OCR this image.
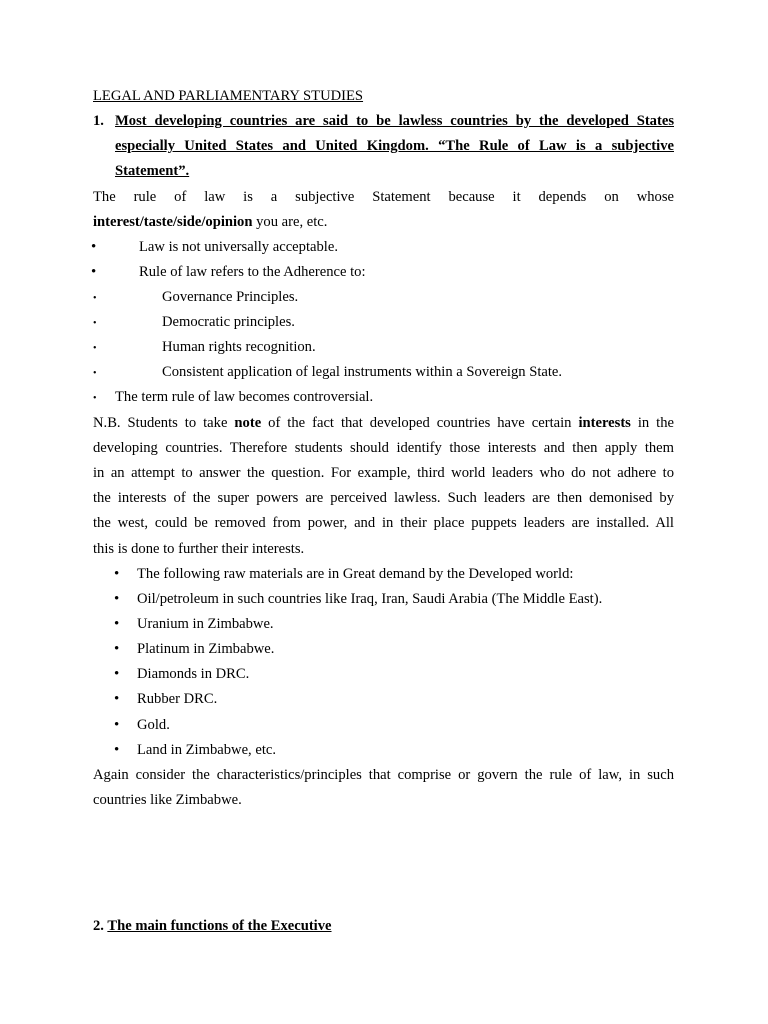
LEGAL AND PARLIAMENTARY STUDIES
1. Most developing countries are said to be lawless countries by the developed States
especially United States and United Kingdom. “The Rule of Law is a subjective
Statement”.
The rule of law is a subjective Statement because it depends on whose
interest/taste/side/opinion you are, etc.
•	Law is not universally acceptable.
•	Rule of law refers to the Adherence to:
•	Governance Principles.
•	Democratic principles.
•	Human rights recognition.
•	Consistent application of legal instruments within a Sovereign State.
• The term rule of law becomes controversial.
N.B. Students to take note of the fact that developed countries have certain interests in the
developing countries. Therefore students should identify those interests and then apply them
in an attempt to answer the question. For example, third world leaders who do not adhere to
the interests of the super powers are perceived lawless. Such leaders are then demonised by
the west, could be removed from power, and in their place puppets leaders are installed. All
this is done to further their interests.
• The following raw materials are in Great demand by the Developed world:
• Oil/petroleum in such countries like Iraq, Iran, Saudi Arabia (The Middle East).
• Uranium in Zimbabwe.
• Platinum in Zimbabwe.
• Diamonds in DRC.
• Rubber DRC.
• Gold.
• Land in Zimbabwe, etc.
Again consider the characteristics/principles that comprise or govern the rule of law, in such
countries like Zimbabwe.
2. The main functions of the Executive
